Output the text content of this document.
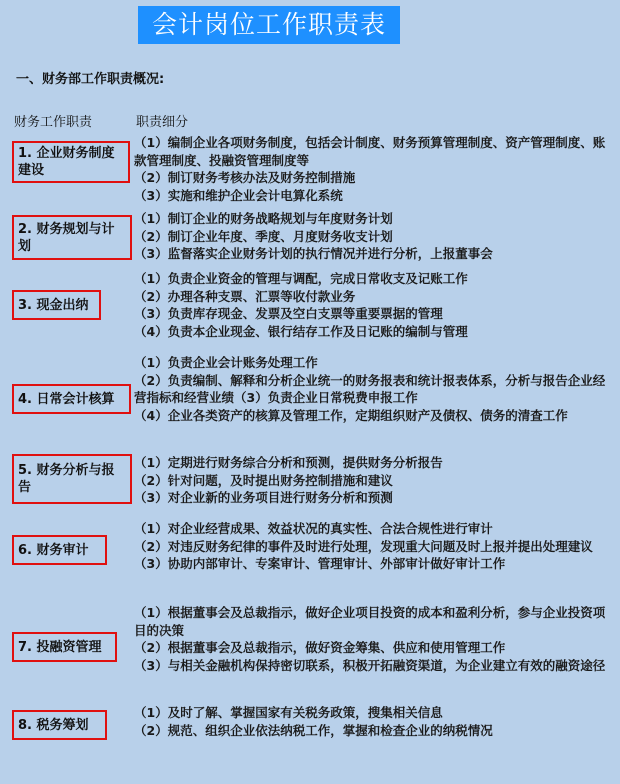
会计岗位工作职责表
一、财务部工作职责概况:
财务工作职责	职责细分
1. 企业财务制度建设
（1）编制企业各项财务制度，包括会计制度、财务预算管理制度、资产管理制度、账款管理制度、投融资管理制度等
（2）制订财务考核办法及财务控制措施
（3）实施和维护企业会计电算化系统
2. 财务规划与计划
（1）制订企业的财务战略规划与年度财务计划
（2）制订企业年度、季度、月度财务收支计划
（3）监督落实企业财务计划的执行情况并进行分析，上报董事会
3. 现金出纳
（1）负责企业资金的管理与调配，完成日常收支及记账工作
（2）办理各种支票、汇票等收付款业务
（3）负责库存现金、发票及空白支票等重要票据的管理
（4）负责本企业现金、银行结存工作及日记账的编制与管理
4. 日常会计核算
（1）负责企业会计账务处理工作
（2）负责编制、解释和分析企业统一的财务报表和统计报表体系，分析与报告企业经营指标和经营业绩（3）负责企业日常税费申报工作
（4）企业各类资产的核算及管理工作，定期组织财产及债权、债务的清查工作
5. 财务分析与报告
（1）定期进行财务综合分析和预测，提供财务分析报告
（2）针对问题，及时提出财务控制措施和建议
（3）对企业新的业务项目进行财务分析和预测
6. 财务审计
（1）对企业经营成果、效益状况的真实性、合法合规性进行审计
（2）对违反财务纪律的事件及时进行处理，发现重大问题及时上报并提出处理建议
（3）协助内部审计、专案审计、管理审计、外部审计做好审计工作
7. 投融资管理
（1）根据董事会及总裁指示，做好企业项目投资的成本和盈利分析，参与企业投资项目的决策
（2）根据董事会及总裁指示，做好资金筹集、供应和使用管理工作
（3）与相关金融机构保持密切联系，积极开拓融资渠道，为企业建立有效的融资途径
8. 税务筹划
（1）及时了解、掌握国家有关税务政策，搜集相关信息
（2）规范、组织企业依法纳税工作，掌握和检查企业的纳税情况
